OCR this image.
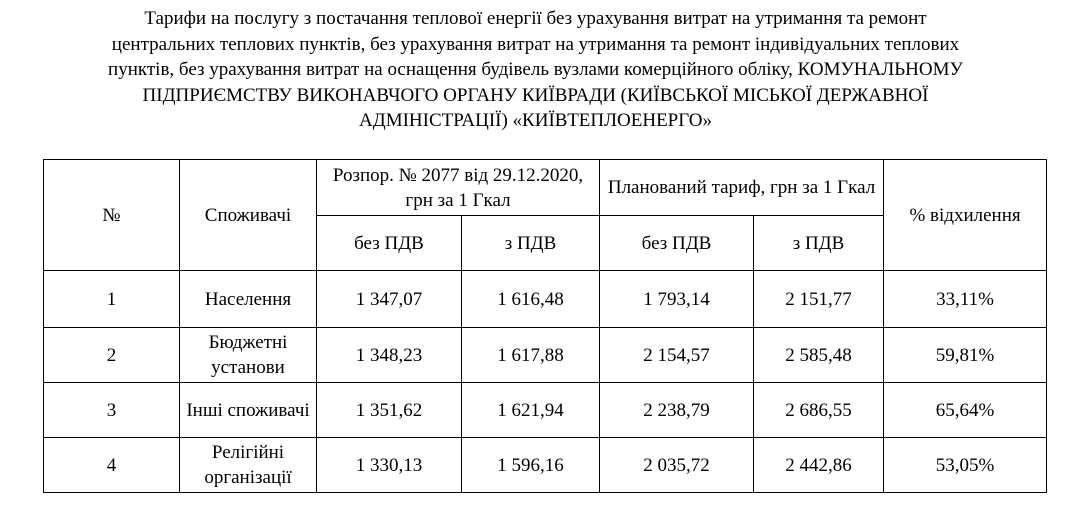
Тарифи на послугу з постачання теплової енергії без урахування витрат на утримання та ремонт
центральних теплових пунктів, без урахування витрат на утримання та ремонт індивідуальних теплових
пунктів, без урахування витрат на оснащення будівель вузлами комерційного обліку, КОМУНАЛЬНОМУ
ПІДПРИЄМСТВУ ВИКОНАВЧОГО ОРГАНУ КИЇВРАДИ (КИЇВСЬКОЇ МІСЬКОЇ ДЕРЖАВНОЇ
АДМІНІСТРАЦІЇ) «КИЇВТЕПЛОЕНЕРГО»
№	Споживачі	Розпор. № 2077 від 29.12.2020, грн за 1 Гкал		Планований тариф, грн за 1 Гкал		% відхилення
		без ПДВ	з ПДВ	без ПДВ	з ПДВ	
1	Населення	1 347,07	1 616,48	1 793,14	2 151,77	33,11%
2	Бюджетні установи	1 348,23	1 617,88	2 154,57	2 585,48	59,81%
3	Інші споживачі	1 351,62	1 621,94	2 238,79	2 686,55	65,64%
4	Релігійні організації	1 330,13	1 596,16	2 035,72	2 442,86	53,05%
